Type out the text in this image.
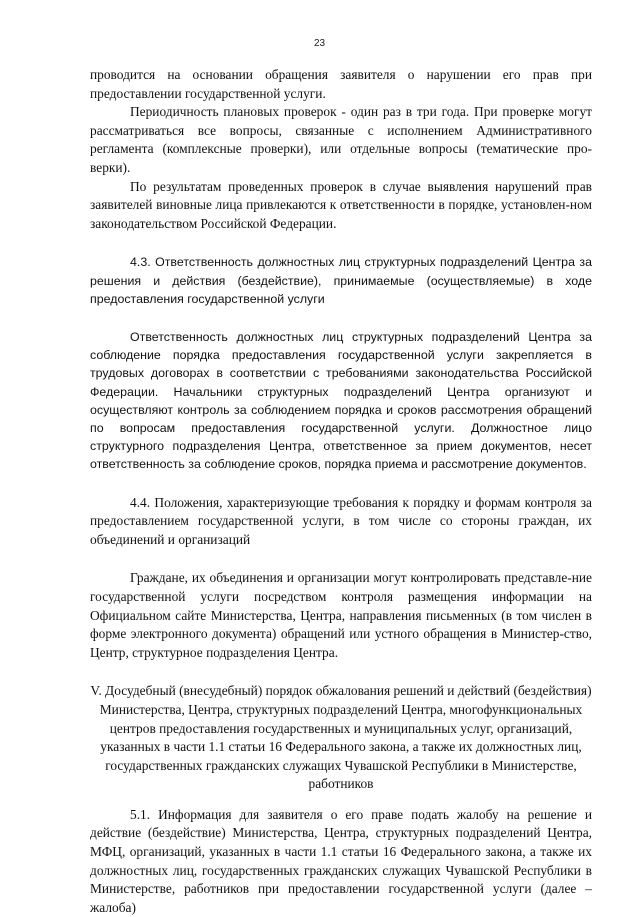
23

проводится на основании обращения заявителя о нарушении его прав при предоставлении государственной услуги.

Периодичность плановых проверок - один раз в три года. При проверке могут рассматриваться все вопросы, связанные с исполнением Административного регламента (комплексные проверки), или отдельные вопросы (тематические про-верки).

По результатам проведенных проверок в случае выявления нарушений прав заявителей виновные лица привлекаются к ответственности в порядке, установлен-ном законодательством Российской Федерации.

4.3. Ответственность должностных лиц структурных подразделений Центра за решения и действия (бездействие), принимаемые (осуществляемые) в ходе предоставления государственной услуги

Ответственность должностных лиц структурных подразделений Центра за соблюдение порядка предоставления государственной услуги закрепляется в трудовых договорах в соответствии с требованиями законодательства Российской Федерации. Начальники структурных подразделений Центра организуют и осуществляют контроль за соблюдением порядка и сроков рассмотрения обращений по вопросам предоставления государственной услуги. Должностное лицо структурного подразделения Центра, ответственное за прием документов, несет ответственность за соблюдение сроков, порядка приема и рассмотрение документов.

4.4. Положения, характеризующие требования к порядку и формам контроля за предоставлением государственной услуги, в том числе со стороны граждан, их объединений и организаций

Граждане, их объединения и организации могут контролировать представле-ние государственной услуги посредством контроля размещения информации на Официальном сайте Министерства, Центра, направления письменных (в том числен в форме электронного документа) обращений или устного обращения в Министер-ство, Центр, структурное подразделения Центра.

V. Досудебный (внесудебный) порядок обжалования решений и действий (бездействия) Министерства, Центра, структурных подразделений Центра, многофункциональных центров предоставления государственных и муниципальных услуг, организаций, указанных в части 1.1 статьи 16 Федерального закона, а также их должностных лиц, государственных гражданских служащих Чувашской Республики в Министерстве, работников

5.1. Информация для заявителя о его праве подать жалобу на решение и действие (бездействие) Министерства, Центра, структурных подразделений Центра, МФЦ, организаций, указанных в части 1.1 статьи 16 Федерального закона, а также их должностных лиц, государственных гражданских служащих Чувашской Республики в Министерстве, работников при предоставлении государственной услуги (далее – жалоба)
